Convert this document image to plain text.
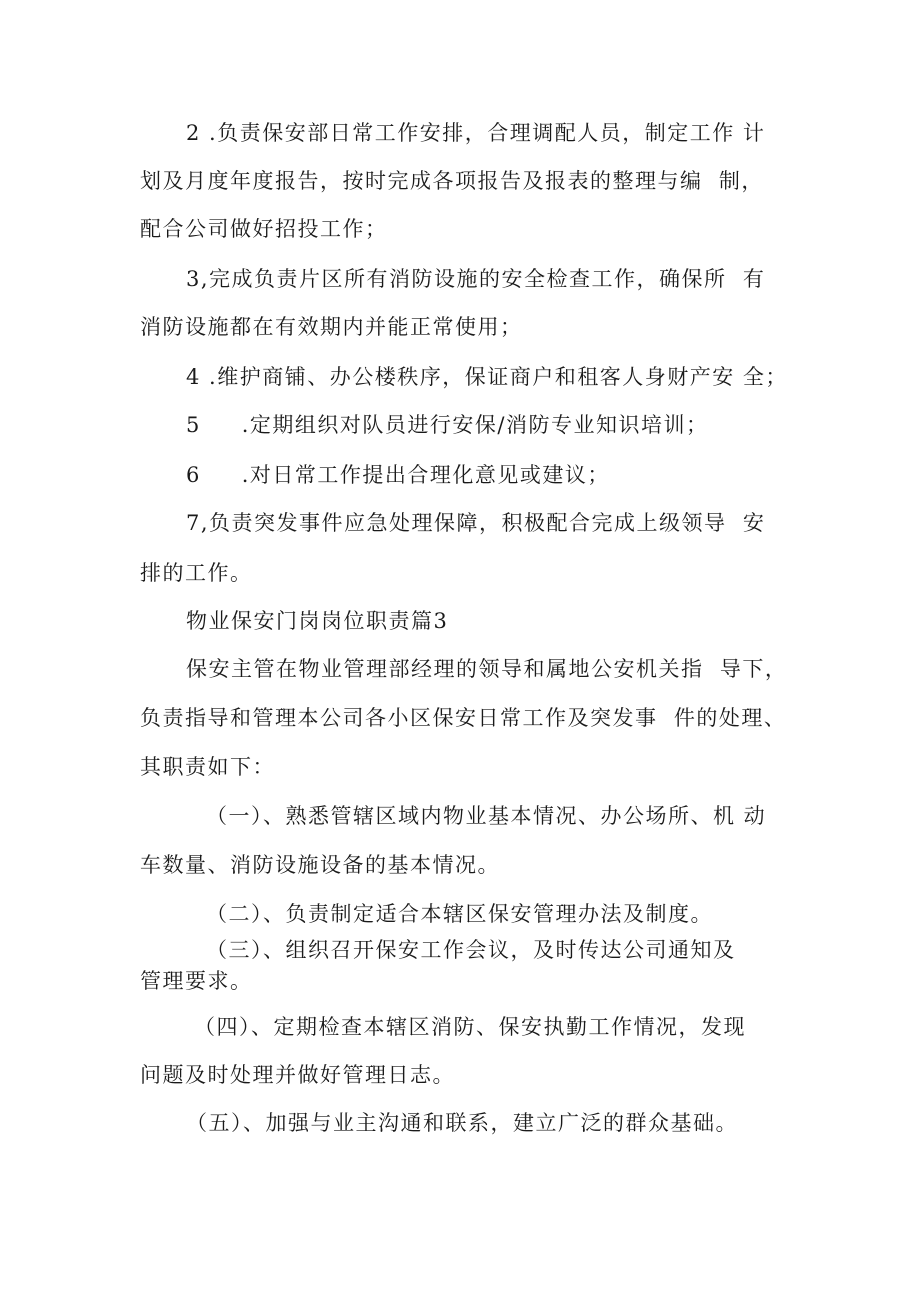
2 .负责保安部日常工作安排，合理调配人员，制定工作 计
划及月度年度报告，按时完成各项报告及报表的整理与编  制，
配合公司做好招投工作；
3,完成负责片区所有消防设施的安全检查工作，确保所  有
消防设施都在有效期内并能正常使用；
4 .维护商铺、办公楼秩序，保证商户和租客人身财产安 全；
5     .定期组织对队员进行安保/消防专业知识培训；
6     .对日常工作提出合理化意见或建议；
7,负责突发事件应急处理保障，积极配合完成上级领导  安
排的工作。
物业保安门岗岗位职责篇3
保安主管在物业管理部经理的领导和属地公安机关指  导下，
负责指导和管理本公司各小区保安日常工作及突发事  件的处理、
其职责如下：
（一）、熟悉管辖区域内物业基本情况、办公场所、机 动
车数量、消防设施设备的基本情况。
（二）、负责制定适合本辖区保安管理办法及制度。
（三）、组织召开保安工作会议，及时传达公司通知及
管理要求。
（四）、定期检查本辖区消防、保安执勤工作情况，发现
问题及时处理并做好管理日志。
（五）、加强与业主沟通和联系，建立广泛的群众基础。
